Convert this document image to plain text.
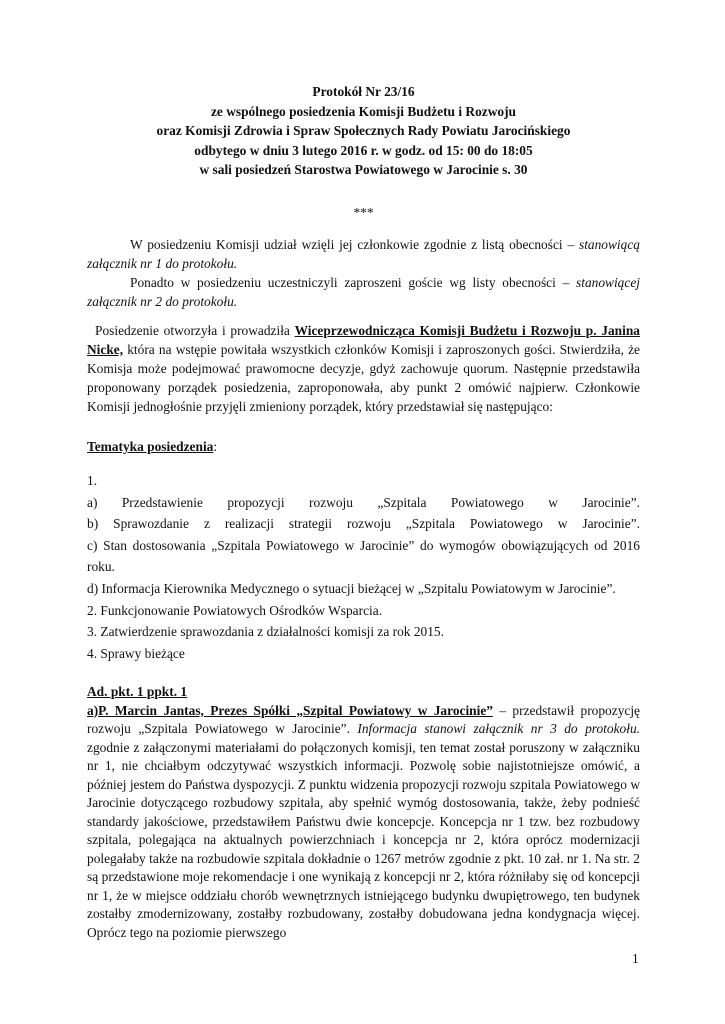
Protokół Nr 23/16
ze wspólnego posiedzenia Komisji Budżetu i Rozwoju
oraz Komisji Zdrowia i Spraw Społecznych Rady Powiatu Jarocińskiego
odbytego w dniu 3 lutego 2016 r. w godz. od 15: 00 do 18:05
w sali posiedzeń Starostwa Powiatowego w Jarocinie s. 30
***
W posiedzeniu Komisji udział wzięli jej członkowie zgodnie z listą obecności – stanowiącą załącznik nr 1 do protokołu.
Ponadto w posiedzeniu uczestniczyli zaproszeni goście wg listy obecności – stanowiącej załącznik nr 2 do protokołu.
Posiedzenie otworzyła i prowadziła Wiceprzewodnicząca Komisji Budżetu i Rozwoju p. Janina Nicke, która na wstępie powitała wszystkich członków Komisji i zaproszonych gości. Stwierdziła, że Komisja może podejmować prawomocne decyzje, gdyż zachowuje quorum. Następnie przedstawiła proponowany porządek posiedzenia, zaproponowała, aby punkt 2 omówić najpierw. Członkowie Komisji jednogłośnie przyjęli zmieniony porządek, który przedstawiał się następująco:
Tematyka posiedzenia:
1.
a) Przedstawienie propozycji rozwoju „Szpitala Powiatowego w Jarocinie”.
b) Sprawozdanie z realizacji strategii rozwoju „Szpitala Powiatowego w Jarocinie”.
c) Stan dostosowania „Szpitala Powiatowego w Jarocinie” do wymogów obowiązujących od 2016 roku.
d) Informacja Kierownika Medycznego o sytuacji bieżącej w „Szpitalu Powiatowym w Jarocinie”.
2. Funkcjonowanie Powiatowych Ośrodków Wsparcia.
3. Zatwierdzenie sprawozdania z działalności komisji za rok 2015.
4. Sprawy bieżące
Ad. pkt. 1 ppkt. 1
a)P. Marcin Jantas, Prezes Spółki „Szpital Powiatowy w Jarocinie” – przedstawił propozycję rozwoju „Szpitala Powiatowego w Jarocinie”. Informacja stanowi załącznik nr 3 do protokołu. zgodnie z załączonymi materiałami do połączonych komisji, ten temat został poruszony w załączniku nr 1, nie chciałbym odczytywać wszystkich informacji. Pozwolę sobie najistotniejsze omówić, a później jestem do Państwa dyspozycji. Z punktu widzenia propozycji rozwoju szpitala Powiatowego w Jarocinie dotyczącego rozbudowy szpitala, aby spełnić wymóg dostosowania, także, żeby podnieść standardy jakościowe, przedstawiłem Państwu dwie koncepcje. Koncepcja nr 1 tzw. bez rozbudowy szpitala, polegająca na aktualnych powierzchniach i koncepcja nr 2, która oprócz modernizacji polegałaby także na rozbudowie szpitala dokładnie o 1267 metrów zgodnie z pkt. 10 zał. nr 1. Na str. 2 są przedstawione moje rekomendacje i one wynikają z koncepcji nr 2, która różniłaby się od koncepcji nr 1, że w miejsce oddziału chorób wewnętrznych istniejącego budynku dwupiętrowego, ten budynek zostałby zmodernizowany, zostałby rozbudowany, zostałby dobudowana jedna kondygnacja więcej. Oprócz tego na poziomie pierwszego
1
